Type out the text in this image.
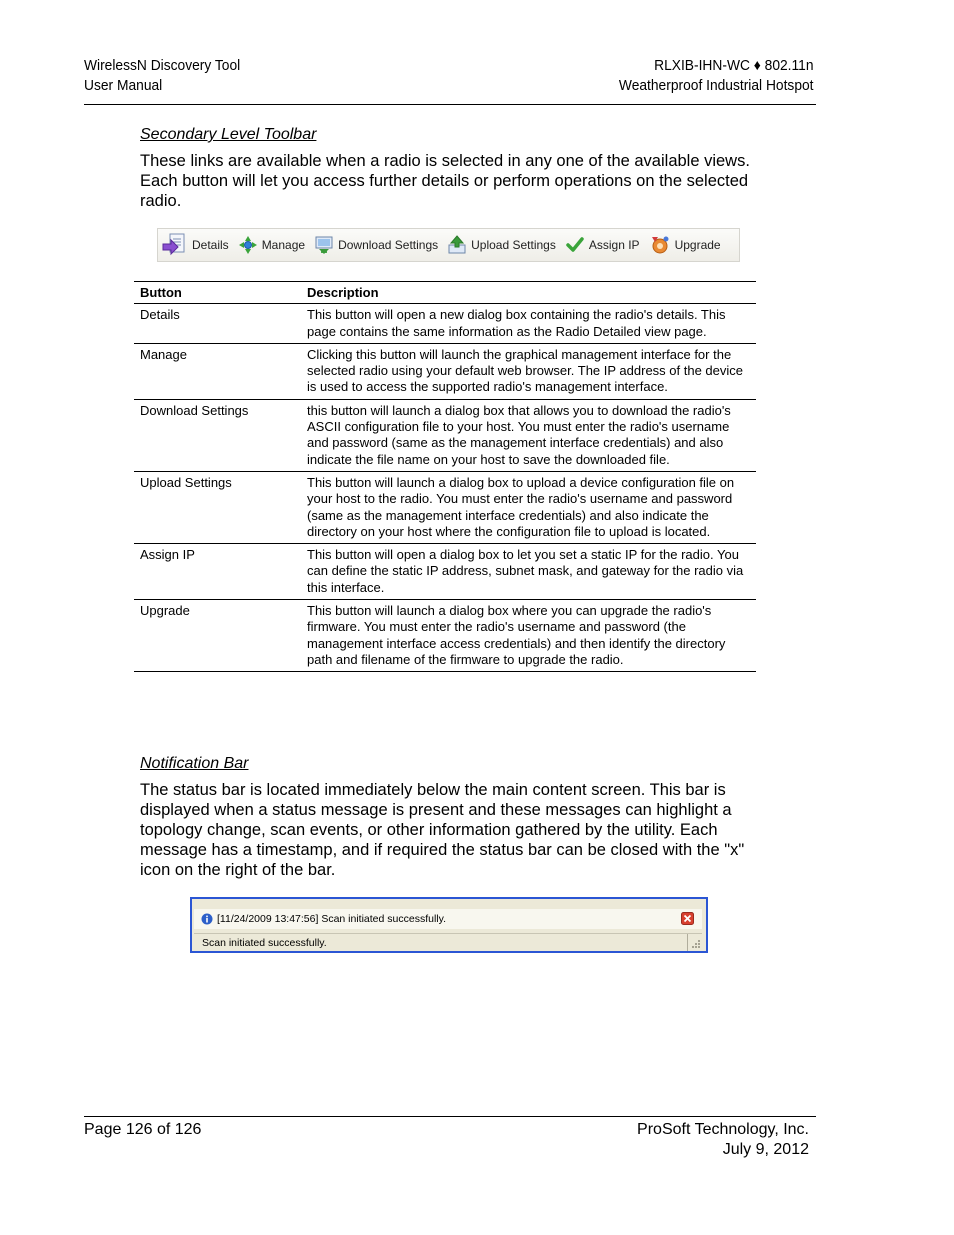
WirelessN Discovery Tool
User Manual
RLXIB-IHN-WC ♦ 802.11n
Weatherproof Industrial Hotspot
Secondary Level Toolbar
These links are available when a radio is selected in any one of the available views. Each button will let you access further details or perform operations on the selected radio.
Details	Manage	Download Settings	Upload Settings	Assign IP	Upgrade
Button	Description
Details	This button will open a new dialog box containing the radio's details. This page contains the same information as the Radio Detailed view page.
Manage	Clicking this button will launch the graphical management interface for the selected radio using your default web browser. The IP address of the device is used to access the supported radio's management interface.
Download Settings	this button will launch a dialog box that allows you to download the radio's ASCII configuration file to your host. You must enter the radio's username and password (same as the management interface credentials) and also indicate the file name on your host to save the downloaded file.
Upload Settings	This button will launch a dialog box to upload a device configuration file on your host to the radio. You must enter the radio's username and password (same as the management interface credentials) and also indicate the directory on your host where the configuration file to upload is located.
Assign IP	This button will open a dialog box to let you set a static IP for the radio. You can define the static IP address, subnet mask, and gateway for the radio via this interface.
Upgrade	This button will launch a dialog box where you can upgrade the radio's firmware. You must enter the radio's username and password (the management interface access credentials) and then identify the directory path and filename of the firmware to upgrade the radio.
Notification Bar
The status bar is located immediately below the main content screen. This bar is displayed when a status message is present and these messages can highlight a topology change, scan events, or other information gathered by the utility. Each message has a timestamp, and if required the status bar can be closed with the "x" icon on the right of the bar.
[11/24/2009 13:47:56] Scan initiated successfully.
Scan initiated successfully.
Page 126 of 126	ProSoft Technology, Inc.
July 9, 2012
